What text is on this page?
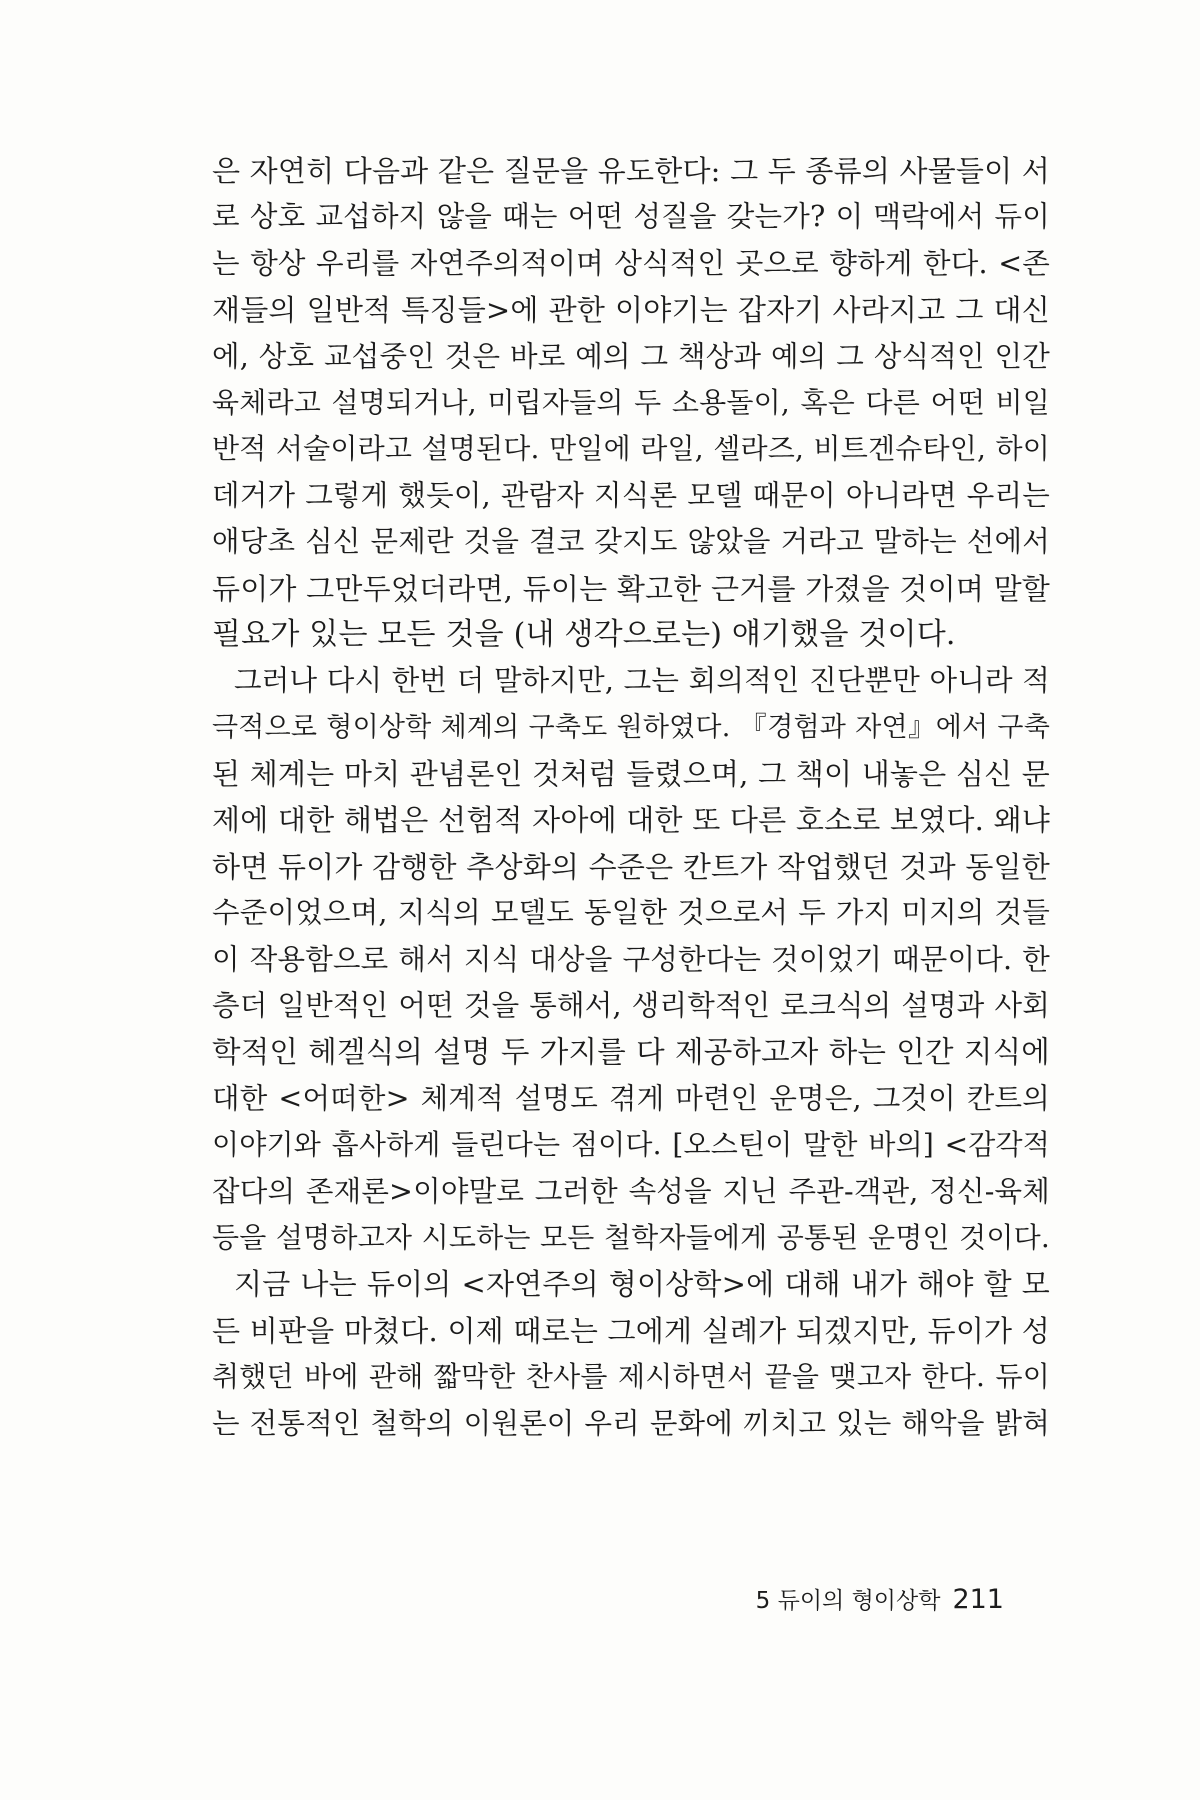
은 자연히 다음과 같은 질문을 유도한다: 그 두 종류의 사물들이 서
로 상호 교섭하지 않을 때는 어떤 성질을 갖는가? 이 맥락에서 듀이
는 항상 우리를 자연주의적이며 상식적인 곳으로 향하게 한다. <존
재들의 일반적 특징들>에 관한 이야기는 갑자기 사라지고 그 대신
에, 상호 교섭중인 것은 바로 예의 그 책상과 예의 그 상식적인 인간
육체라고 설명되거나, 미립자들의 두 소용돌이, 혹은 다른 어떤 비일
반적 서술이라고 설명된다. 만일에 라일, 셀라즈, 비트겐슈타인, 하이
데거가 그렇게 했듯이, 관람자 지식론 모델 때문이 아니라면 우리는
애당초 심신 문제란 것을 결코 갖지도 않았을 거라고 말하는 선에서
듀이가 그만두었더라면, 듀이는 확고한 근거를 가졌을 것이며 말할
필요가 있는 모든 것을 (내 생각으로는) 얘기했을 것이다.
그러나 다시 한번 더 말하지만, 그는 회의적인 진단뿐만 아니라 적
극적으로 형이상학 체계의 구축도 원하였다. 『경험과 자연』에서 구축
된 체계는 마치 관념론인 것처럼 들렸으며, 그 책이 내놓은 심신 문
제에 대한 해법은 선험적 자아에 대한 또 다른 호소로 보였다. 왜냐
하면 듀이가 감행한 추상화의 수준은 칸트가 작업했던 것과 동일한
수준이었으며, 지식의 모델도 동일한 것으로서 두 가지 미지의 것들
이 작용함으로 해서 지식 대상을 구성한다는 것이었기 때문이다. 한
층더 일반적인 어떤 것을 통해서, 생리학적인 로크식의 설명과 사회
학적인 헤겔식의 설명 두 가지를 다 제공하고자 하는 인간 지식에
대한 <어떠한> 체계적 설명도 겪게 마련인 운명은, 그것이 칸트의
이야기와 흡사하게 들린다는 점이다. [오스틴이 말한 바의] <감각적
잡다의 존재론>이야말로 그러한 속성을 지닌 주관-객관, 정신-육체
등을 설명하고자 시도하는 모든 철학자들에게 공통된 운명인 것이다.
지금 나는 듀이의 <자연주의 형이상학>에 대해 내가 해야 할 모
든 비판을 마쳤다. 이제 때로는 그에게 실례가 되겠지만, 듀이가 성
취했던 바에 관해 짧막한 찬사를 제시하면서 끝을 맺고자 한다. 듀이
는 전통적인 철학의 이원론이 우리 문화에 끼치고 있는 해악을 밝혀
5 듀이의 형이상학 211
